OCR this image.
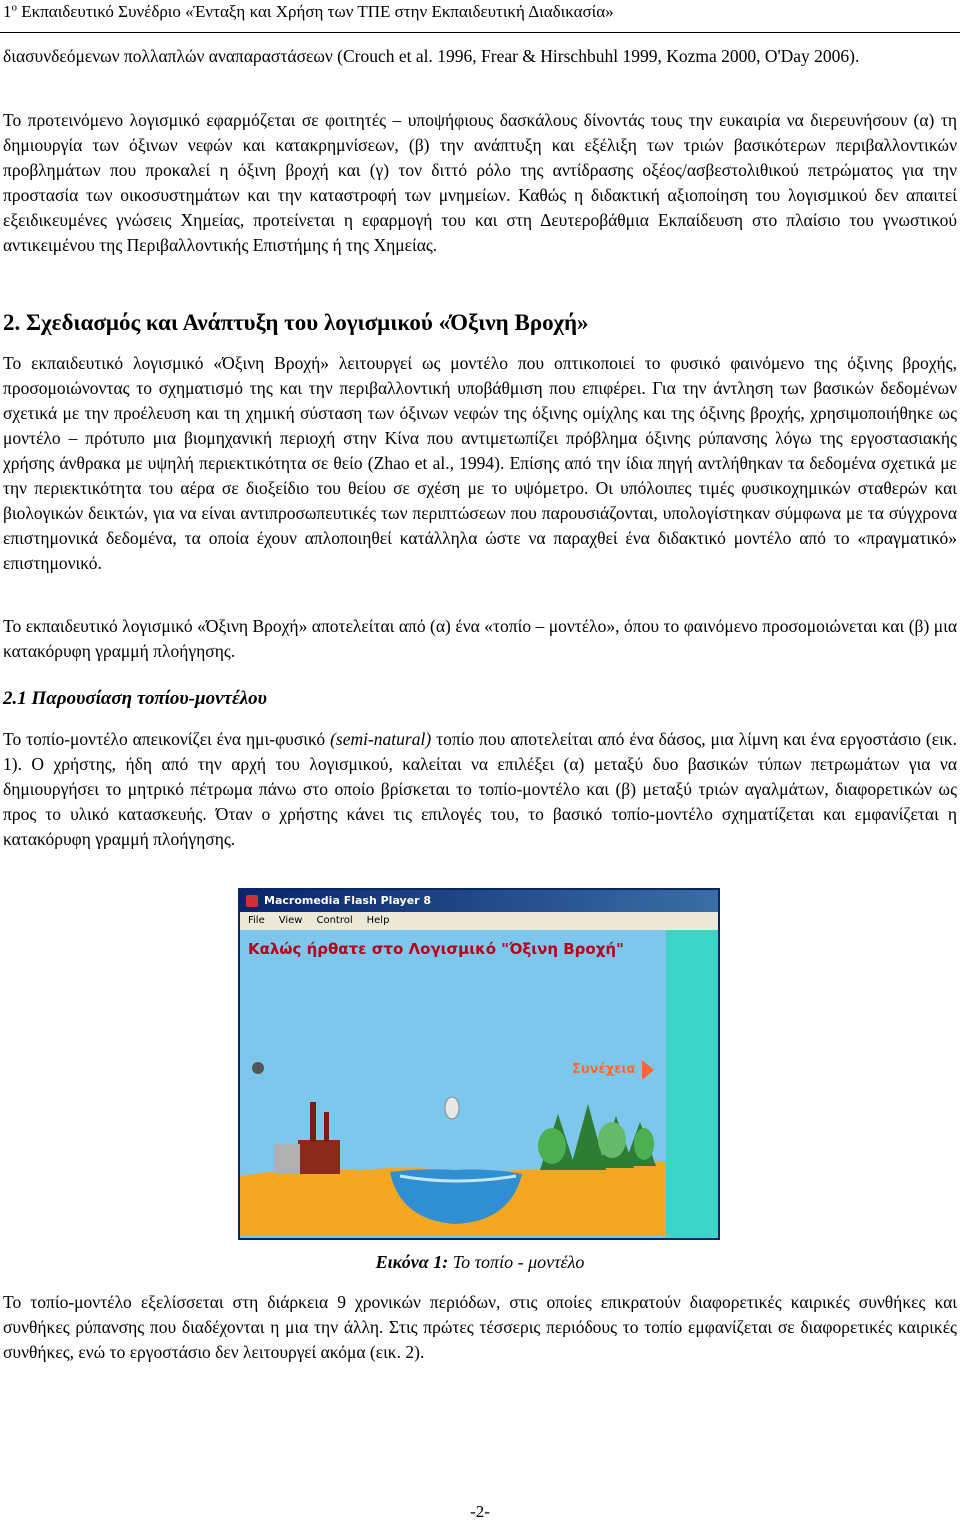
$1^o$ Εκπαιδευτικό Συνέδριο «Ένταξη και Χρήση των ΤΠΕ στην Εκπαιδευτική Διαδικασία»
διασυνδεόμενων πολλαπλών αναπαραστάσεων (Crouch et al. 1996, Frear & Hirschbuhl 1999, Kozma 2000, O'Day 2006).
Το προτεινόμενο λογισμικό εφαρμόζεται σε φοιτητές – υποψήφιους δασκάλους δίνοντάς τους την ευκαιρία να διερευνήσουν (α) τη δημιουργία των όξινων νεφών και κατακρημνίσεων, (β) την ανάπτυξη και εξέλιξη των τριών βασικότερων περιβαλλοντικών προβλημάτων που προκαλεί η όξινη βροχή και (γ) τον διττό ρόλο της αντίδρασης οξέος/ασβεστολιθικού πετρώματος για την προστασία των οικοσυστημάτων και την καταστροφή των μνημείων. Καθώς η διδακτική αξιοποίηση του λογισμικού δεν απαιτεί εξειδικευμένες γνώσεις Χημείας, προτείνεται η εφαρμογή του και στη Δευτεροβάθμια Εκπαίδευση στο πλαίσιο του γνωστικού αντικειμένου της Περιβαλλοντικής Επιστήμης ή της Χημείας.
2. Σχεδιασμός και Ανάπτυξη του λογισμικού «Όξινη Βροχή»
Το εκπαιδευτικό λογισμικό «Όξινη Βροχή» λειτουργεί ως μοντέλο που οπτικοποιεί το φυσικό φαινόμενο της όξινης βροχής, προσομοιώνοντας το σχηματισμό της και την περιβαλλοντική υποβάθμιση που επιφέρει. Για την άντληση των βασικών δεδομένων σχετικά με την προέλευση και τη χημική σύσταση των όξινων νεφών της όξινης ομίχλης και της όξινης βροχής, χρησιμοποιήθηκε ως μοντέλο – πρότυπο μια βιομηχανική περιοχή στην Κίνα που αντιμετωπίζει πρόβλημα όξινης ρύπανσης λόγω της εργοστασιακής χρήσης άνθρακα με υψηλή περιεκτικότητα σε θείο (Zhao et al., 1994). Επίσης από την ίδια πηγή αντλήθηκαν τα δεδομένα σχετικά με την περιεκτικότητα του αέρα σε διοξείδιο του θείου σε σχέση με το υψόμετρο. Οι υπόλοιπες τιμές φυσικοχημικών σταθερών και βιολογικών δεικτών, για να είναι αντιπροσωπευτικές των περιπτώσεων που παρουσιάζονται, υπολογίστηκαν σύμφωνα με τα σύγχρονα επιστημονικά δεδομένα, τα οποία έχουν απλοποιηθεί κατάλληλα ώστε να παραχθεί ένα διδακτικό μοντέλο από το «πραγματικό» επιστημονικό.
Το εκπαιδευτικό λογισμικό «Όξινη Βροχή» αποτελείται από (α) ένα «τοπίο – μοντέλο», όπου το φαινόμενο προσομοιώνεται και (β) μια κατακόρυφη γραμμή πλοήγησης.
2.1 Παρουσίαση τοπίου-μοντέλου
Το τοπίο-μοντέλο απεικονίζει ένα ημι-φυσικό (semi-natural) τοπίο που αποτελείται από ένα δάσος, μια λίμνη και ένα εργοστάσιο (εικ. 1). Ο χρήστης, ήδη από την αρχή του λογισμικού, καλείται να επιλέξει (α) μεταξύ δυο βασικών τύπων πετρωμάτων για να δημιουργήσει το μητρικό πέτρωμα πάνω στο οποίο βρίσκεται το τοπίο-μοντέλο και (β) μεταξύ τριών αγαλμάτων, διαφορετικών ως προς το υλικό κατασκευής. Όταν ο χρήστης κάνει τις επιλογές του, το βασικό τοπίο-μοντέλο σχηματίζεται και εμφανίζεται η κατακόρυφη γραμμή πλοήγησης.
Macromedia Flash Player 8
File View Control Help
Καλώς ήρθατε στο Λογισμικό "Όξινη Βροχή"
Συνέχεια
Εικόνα 1: Το τοπίο - μοντέλο
Το τοπίο-μοντέλο εξελίσσεται στη διάρκεια 9 χρονικών περιόδων, στις οποίες επικρατούν διαφορετικές καιρικές συνθήκες και συνθήκες ρύπανσης που διαδέχονται η μια την άλλη. Στις πρώτες τέσσερις περιόδους το τοπίο εμφανίζεται σε διαφορετικές καιρικές συνθήκες, ενώ το εργοστάσιο δεν λειτουργεί ακόμα (εικ. 2).
-2-
